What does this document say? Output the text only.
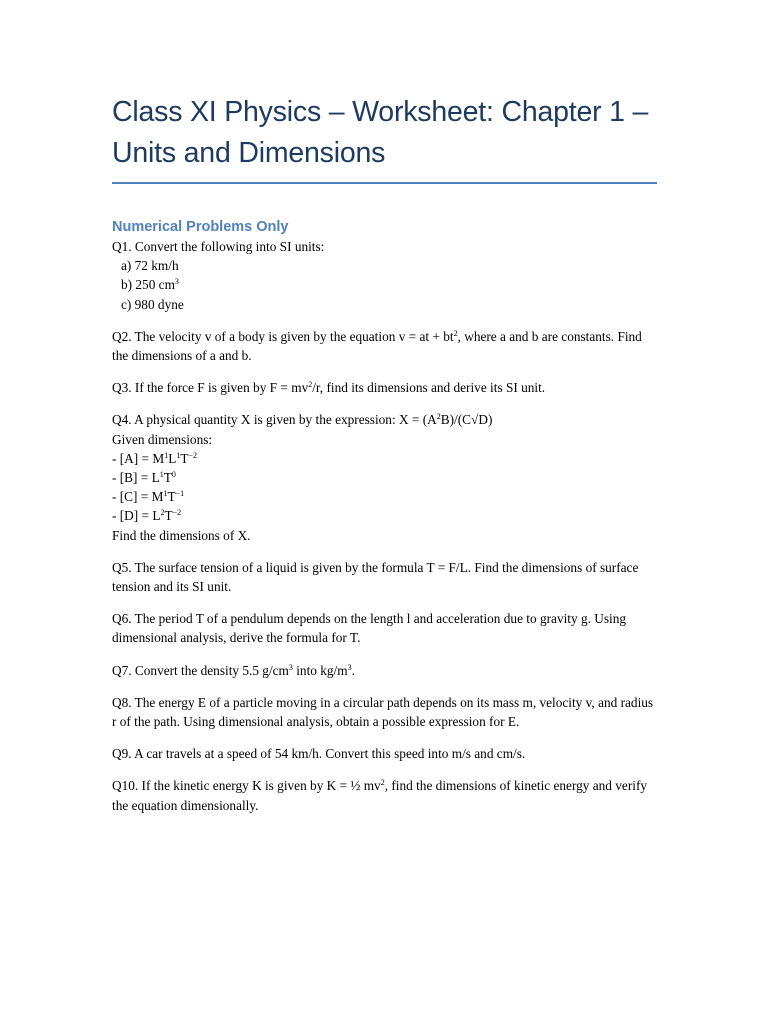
Class XI Physics – Worksheet: Chapter 1 – Units and Dimensions
Numerical Problems Only

Q1. Convert the following into SI units:

a) 72 km/h

b) 250 $cm^3$

c) 980 dyne

Q2. The velocity v of a body is given by the equation v = at + $bt^2$, where a and b are constants. Find the dimensions of a and b.

Q3. If the force F is given by $F = mv^2/r$, find its dimensions and derive its SI unit.

Q4. A physical quantity X is given by the expression: $X = (A^2B)/(C√D)$

Given dimensions:

- $[A] = M^1L^1T^{-2}$

- $[B] = L^1T^0$

- $[C] = M^1T^{-1}$

- $[D] = L^2T^{-2}$

Find the dimensions of X.

Q5. The surface tension of a liquid is given by the formula T = F/L. Find the dimensions of surface tension and its SI unit.

Q6. The period T of a pendulum depends on the length l and acceleration due to gravity g. Using dimensional analysis, derive the formula for T.

Q7. Convert the density 5.5 $g/cm^3$ into $kg/m^3$.

Q8. The energy E of a particle moving in a circular path depends on its mass m, velocity v, and radius r of the path. Using dimensional analysis, obtain a possible expression for E.

Q9. A car travels at a speed of 54 km/h. Convert this speed into m/s and cm/s.

Q10. If the kinetic energy K is given by K = ½ $mv^2$, find the dimensions of kinetic energy and verify the equation dimensionally.
